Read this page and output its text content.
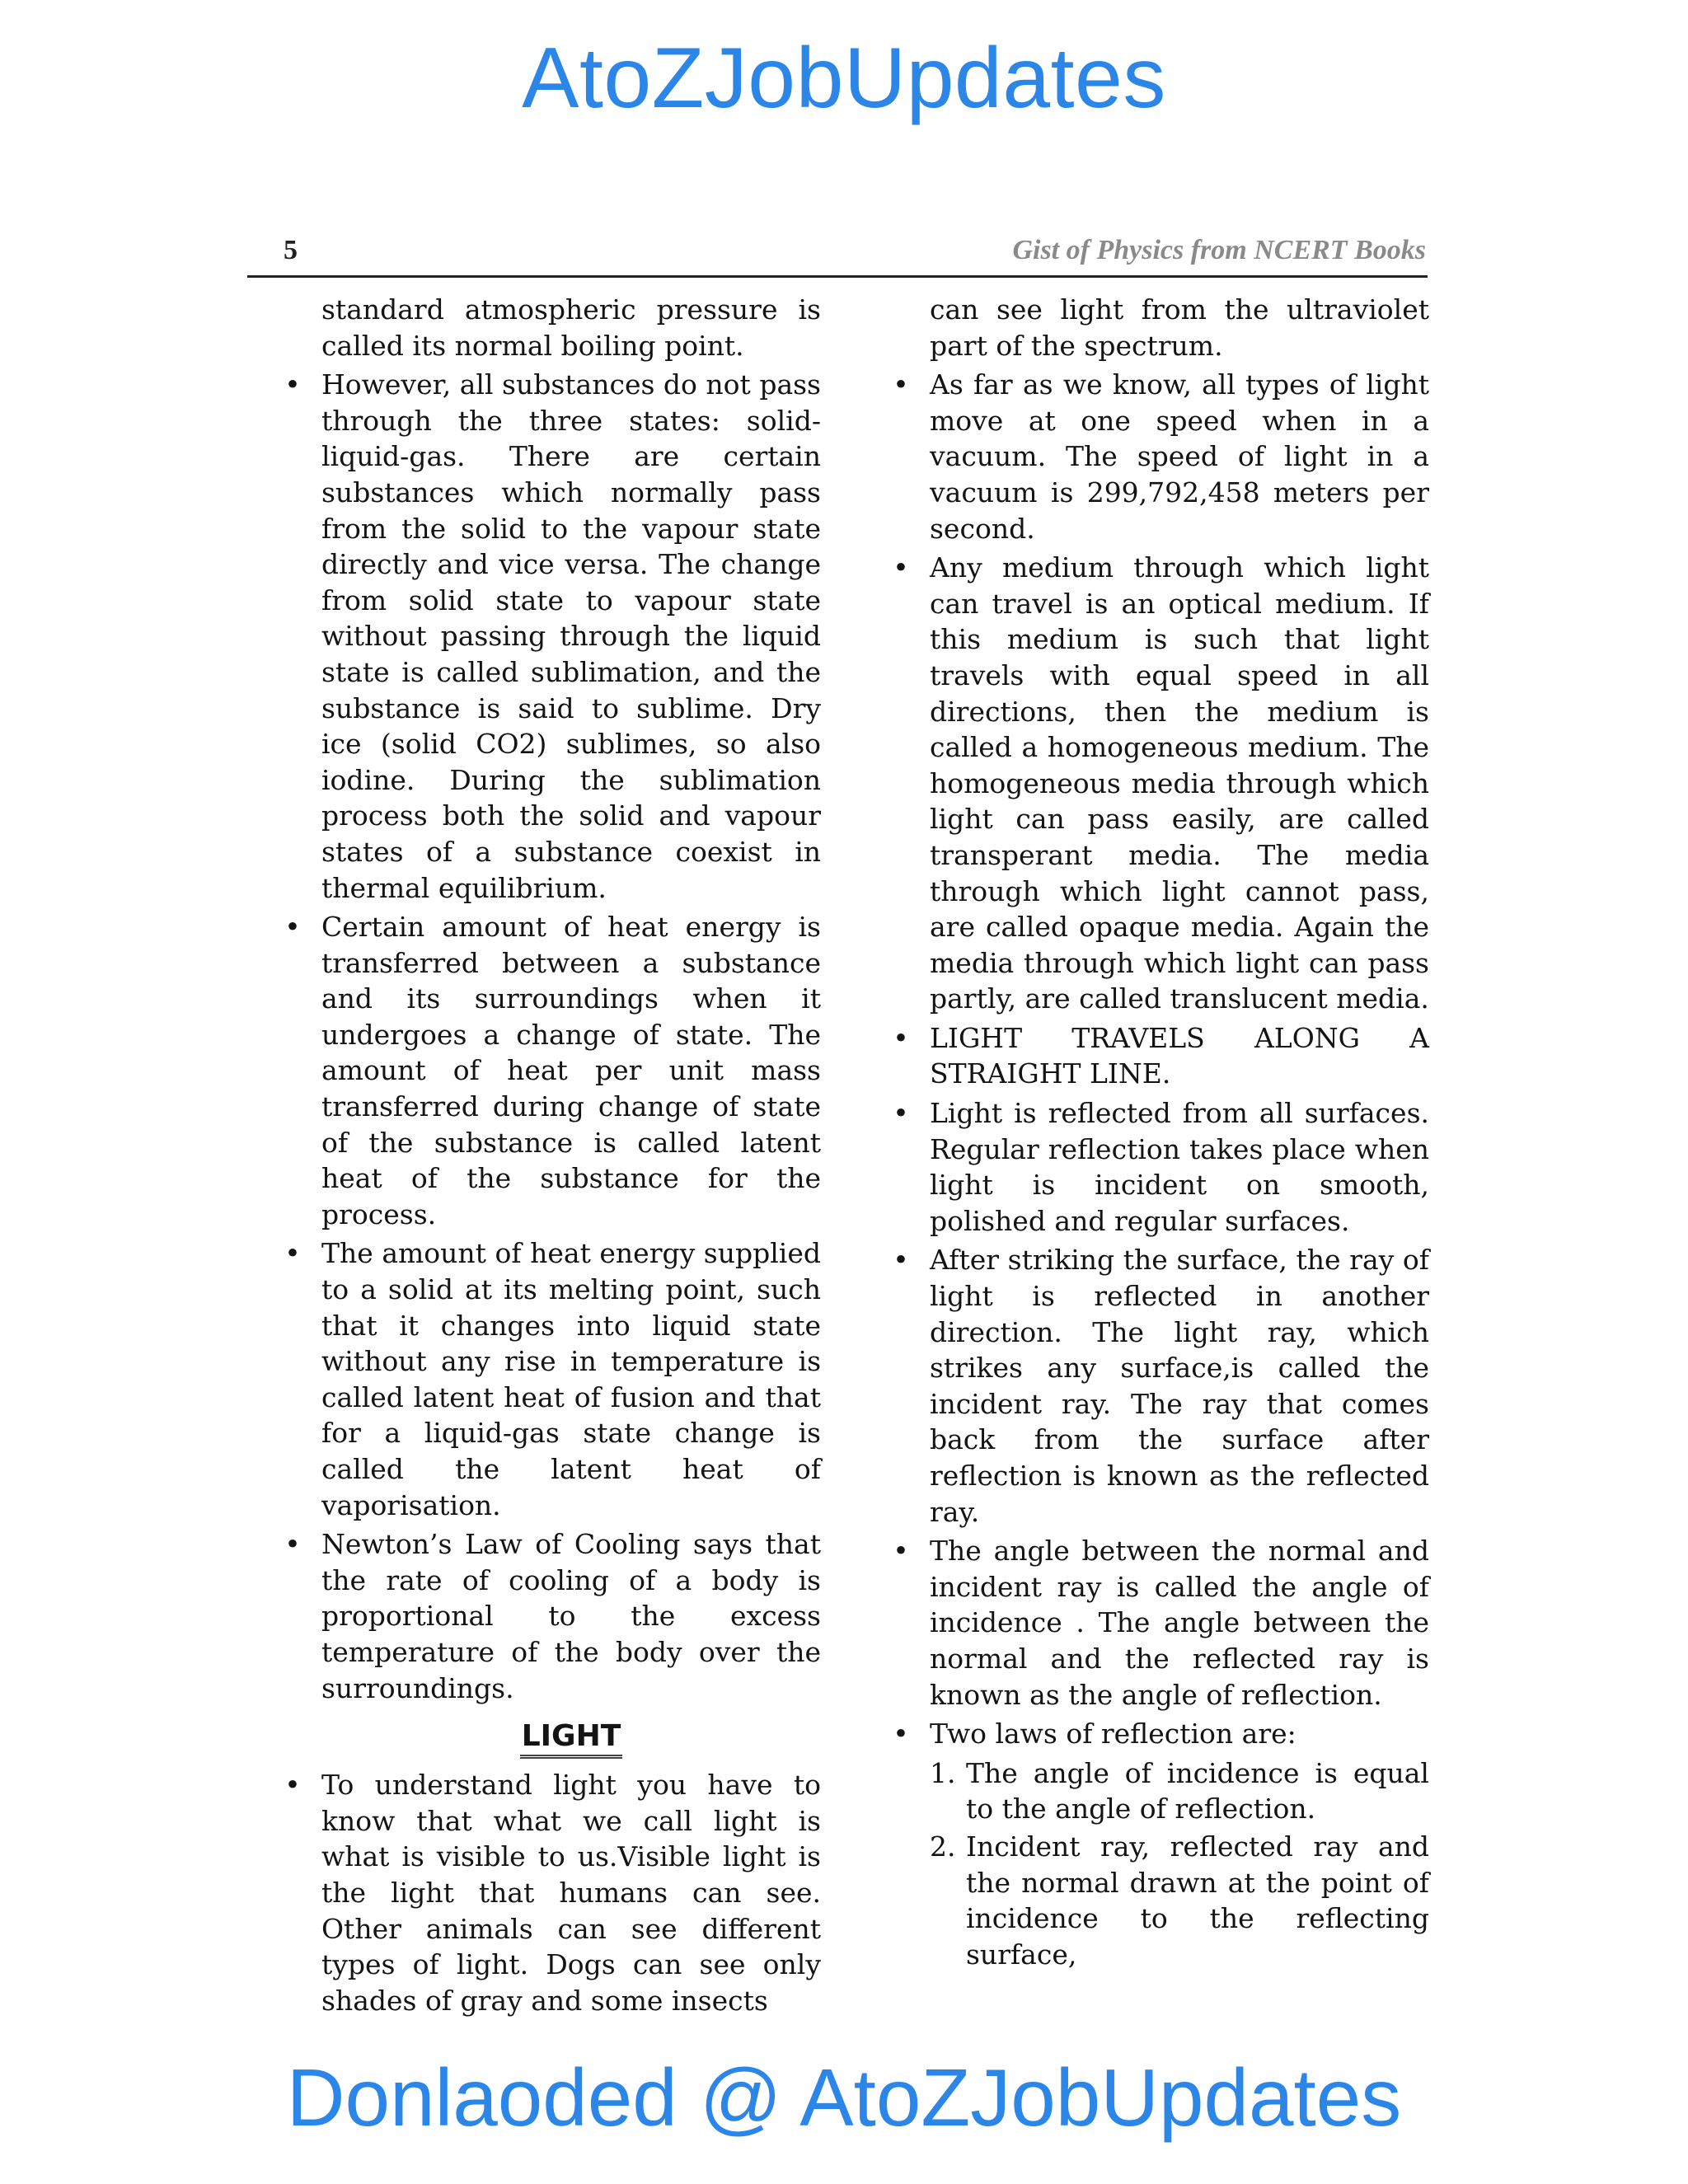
AtoZJobUpdates
5	Gist of Physics from NCERT Books
standard atmospheric pressure is called its normal boiling point.
• However, all substances do not pass through the three states: solid-liquid-gas. There are certain substances which normally pass from the solid to the vapour state directly and vice versa. The change from solid state to vapour state without passing through the liquid state is called sublimation, and the substance is said to sublime. Dry ice (solid CO2) sublimes, so also iodine. During the sublimation process both the solid and vapour states of a substance coexist in thermal equilibrium.
• Certain amount of heat energy is transferred between a substance and its surroundings when it undergoes a change of state. The amount of heat per unit mass transferred during change of state of the substance is called latent heat of the substance for the process.
• The amount of heat energy supplied to a solid at its melting point, such that it changes into liquid state without any rise in temperature is called latent heat of fusion and that for a liquid-gas state change is called the latent heat of vaporisation.
• Newton’s Law of Cooling says that the rate of cooling of a body is proportional to the excess temperature of the body over the surroundings.
LIGHT
• To understand light you have to know that what we call light is what is visible to us.Visible light is the light that humans can see. Other animals can see different types of light. Dogs can see only shades of gray and some insects
can see light from the ultraviolet part of the spectrum.
• As far as we know, all types of light move at one speed when in a vacuum. The speed of light in a vacuum is 299,792,458 meters per second.
• Any medium through which light can travel is an optical medium. If this medium is such that light travels with equal speed in all directions, then the medium is called a homogeneous medium. The homogeneous media through which light can pass easily, are called transperant media. The media through which light cannot pass, are called opaque media. Again the media through which light can pass partly, are called translucent media.
• LIGHT TRAVELS ALONG A STRAIGHT LINE.
• Light is reflected from all surfaces. Regular reflection takes place when light is incident on smooth, polished and regular surfaces.
• After striking the surface, the ray of light is reflected in another direction. The light ray, which strikes any surface,is called the incident ray. The ray that comes back from the surface after reflection is known as the reflected ray.
• The angle between the normal and incident ray is called the angle of incidence . The angle between the normal and the reflected ray is known as the angle of reflection.
• Two laws of reflection are:
1. The angle of incidence is equal to the angle of reflection.
2. Incident ray, reflected ray and the normal drawn at the point of incidence to the reflecting surface,
Donlaoded @ AtoZJobUpdates
